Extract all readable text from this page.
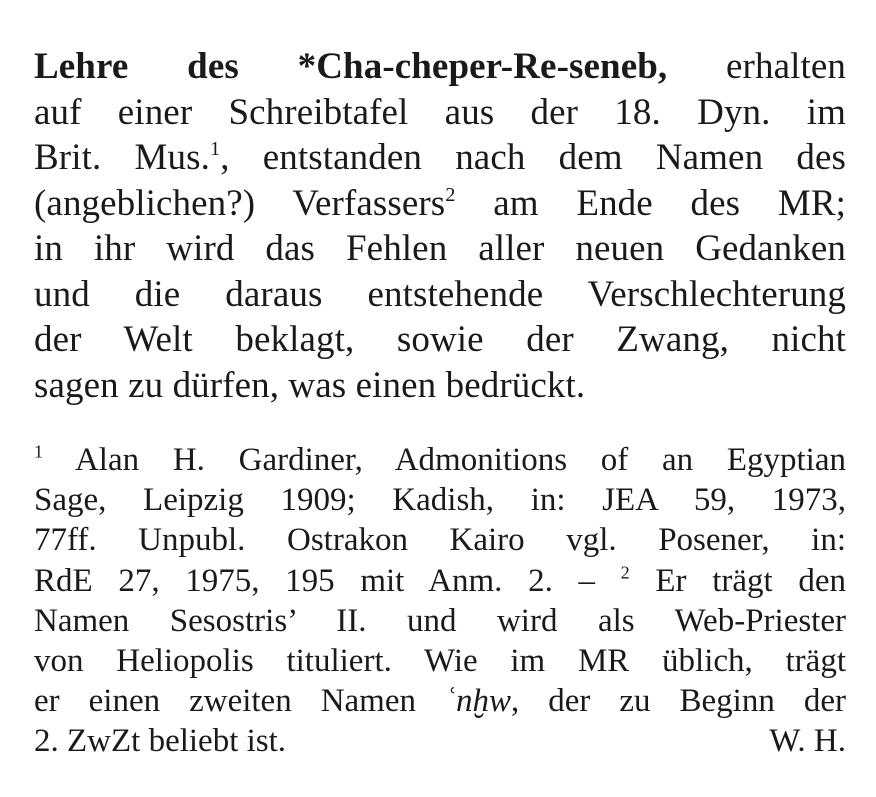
Lehre des *Cha-cheper-Re-seneb, erhalten
auf einer Schreibtafel aus der 18. Dyn. im
Brit. Mus.$^1$, entstanden nach dem Namen des
(angeblichen?) Verfassers$^2$ am Ende des MR;
in ihr wird das Fehlen aller neuen Gedanken
und die daraus entstehende Verschlechterung
der Welt beklagt, sowie der Zwang, nicht
sagen zu dürfen, was einen bedrückt.
$^1$ Alan H. Gardiner, Admonitions of an Egyptian
Sage, Leipzig 1909; Kadish, in: JEA 59, 1973,
77ff. Unpubl. Ostrakon Kairo vgl. Posener, in:
RdE 27, 1975, 195 mit Anm. 2. – $^2$ Er trägt den
Namen Sesostris’ II. und wird als Web-Priester
von Heliopolis tituliert. Wie im MR üblich, trägt
er einen zweiten Namen ʿnḫw, der zu Beginn der
2. ZwZt beliebt ist.	W. H.
